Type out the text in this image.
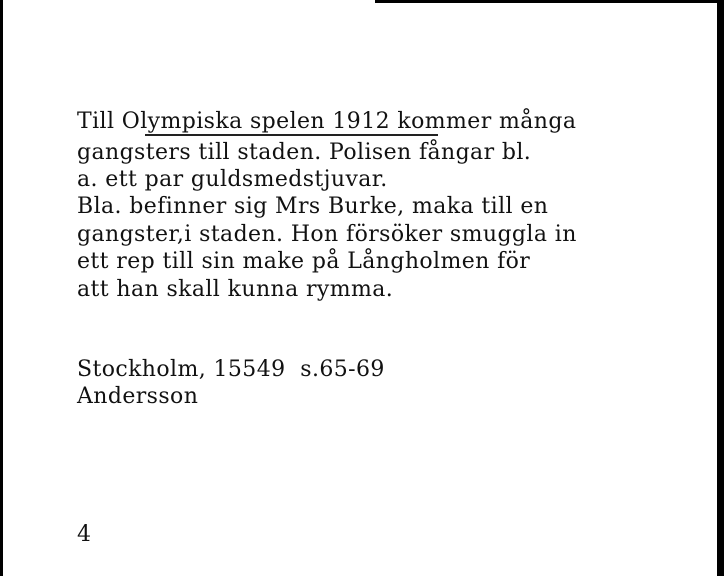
Till Olympiska spelen 1912 kommer många

gangsters till staden. Polisen fångar bl.

a. ett par guldsmedstjuvar.

Bla. befinner sig Mrs Burke, maka till en

gangster,i staden. Hon försöker smuggla in

ett rep till sin make på Långholmen för

att han skall kunna rymma.

Stockholm, 15549  s.65-69

Andersson

4
